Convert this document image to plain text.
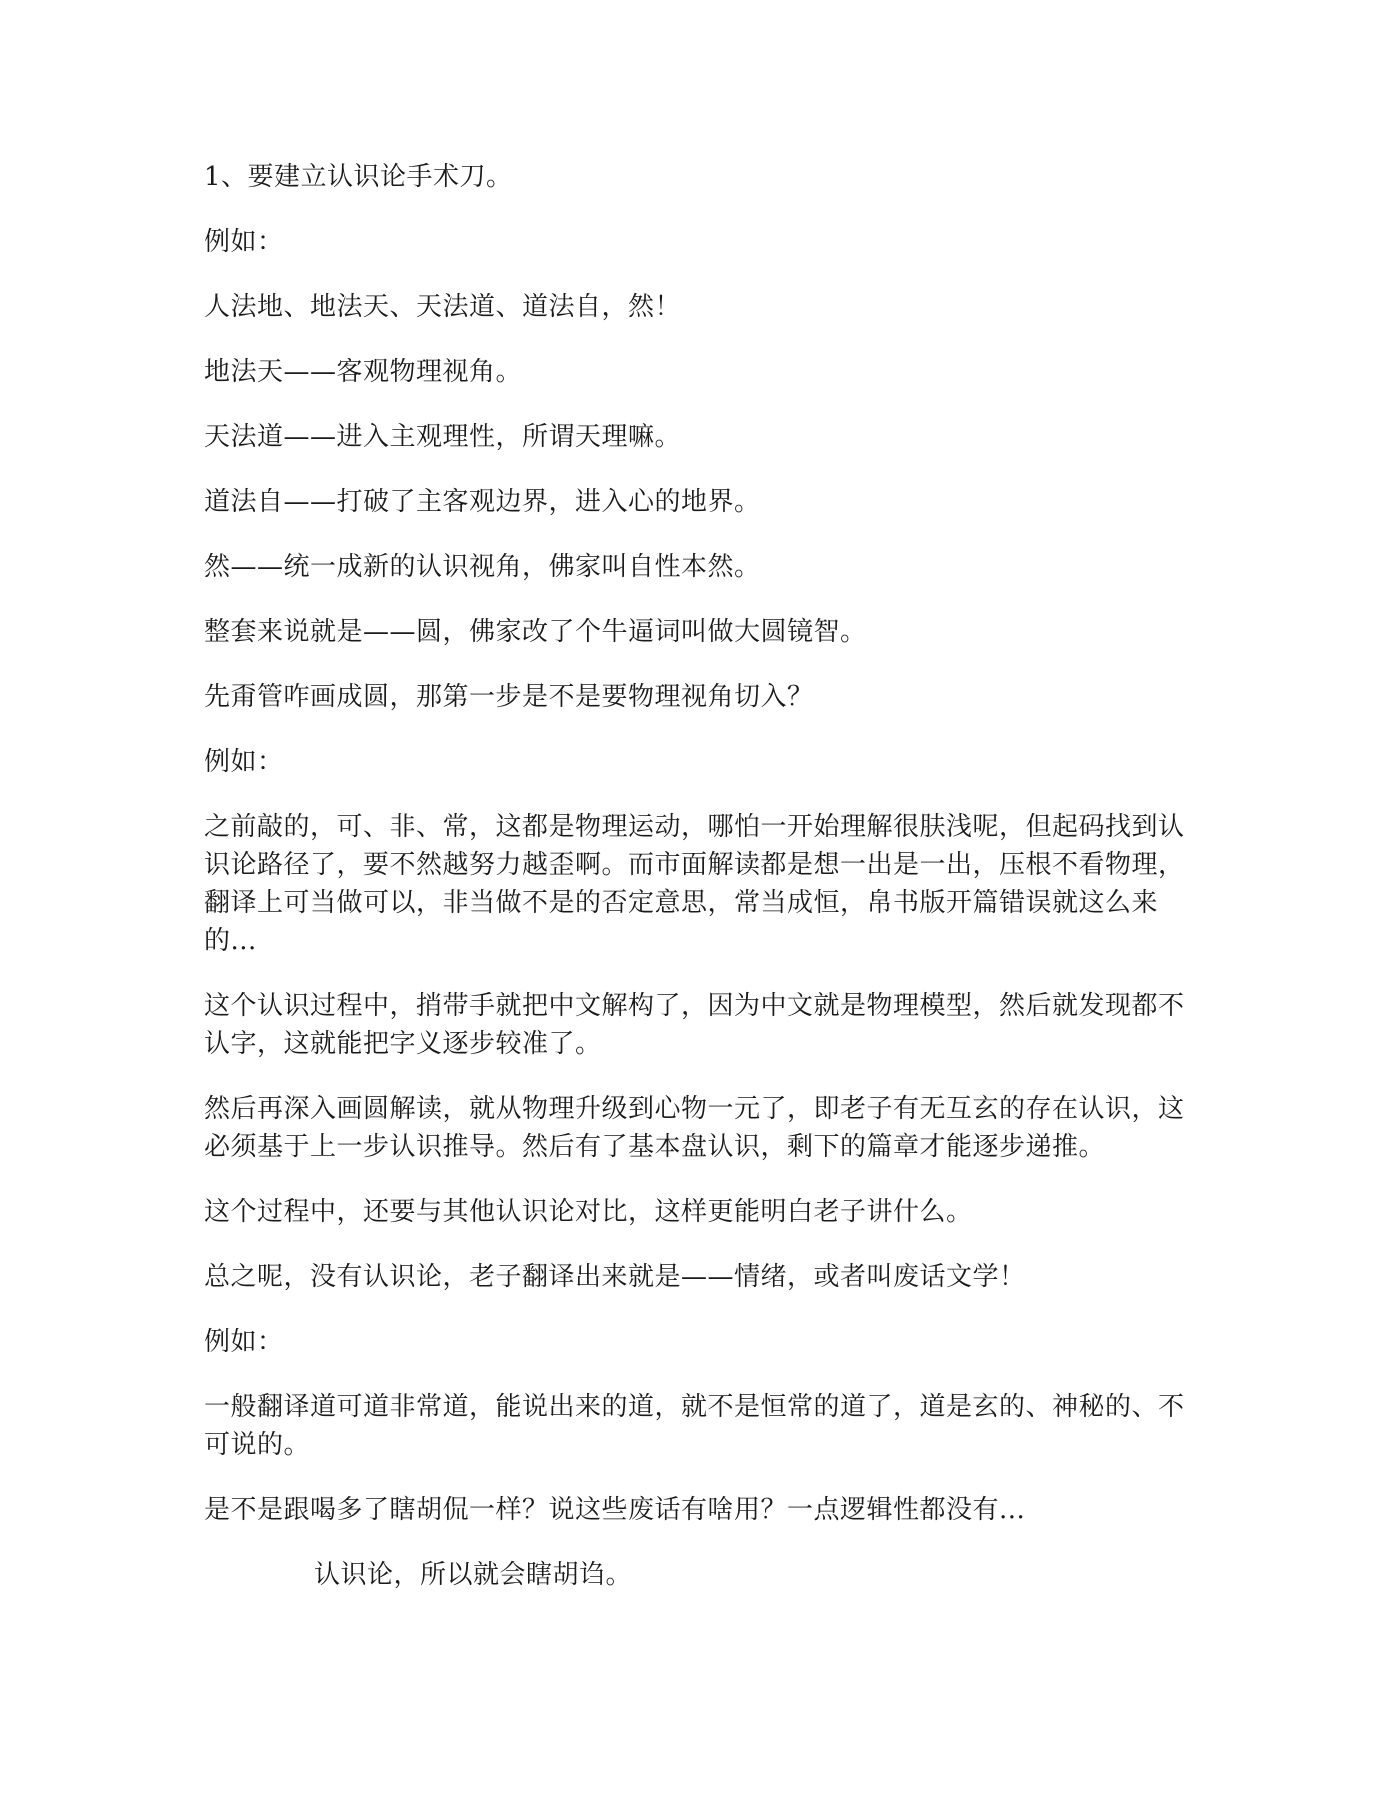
1、要建立认识论手术刀。

例如：

人法地、地法天、天法道、道法自，然！

地法天——客观物理视角。

天法道——进入主观理性，所谓天理嘛。

道法自——打破了主客观边界，进入心的地界。

然——统一成新的认识视角，佛家叫自性本然。

整套来说就是——圆，佛家改了个牛逼词叫做大圆镜智。

先甭管咋画成圆，那第一步是不是要物理视角切入？

例如：

之前敲的，可、非、常，这都是物理运动，哪怕一开始理解很肤浅呢，但起码找到认识论路径了，要不然越努力越歪啊。而市面解读都是想一出是一出，压根不看物理，翻译上可当做可以，非当做不是的否定意思，常当成恒，帛书版开篇错误就这么来的...

这个认识过程中，捎带手就把中文解构了，因为中文就是物理模型，然后就发现都不认字，这就能把字义逐步较准了。

然后再深入画圆解读，就从物理升级到心物一元了，即老子有无互玄的存在认识，这必须基于上一步认识推导。然后有了基本盘认识，剩下的篇章才能逐步递推。

这个过程中，还要与其他认识论对比，这样更能明白老子讲什么。

总之呢，没有认识论，老子翻译出来就是——情绪，或者叫废话文学！

例如：

一般翻译道可道非常道，能说出来的道，就不是恒常的道了，道是玄的、神秘的、不可说的。

是不是跟喝多了瞎胡侃一样？说这些废话有啥用？一点逻辑性都没有...

认识论，所以就会瞎胡诌。
